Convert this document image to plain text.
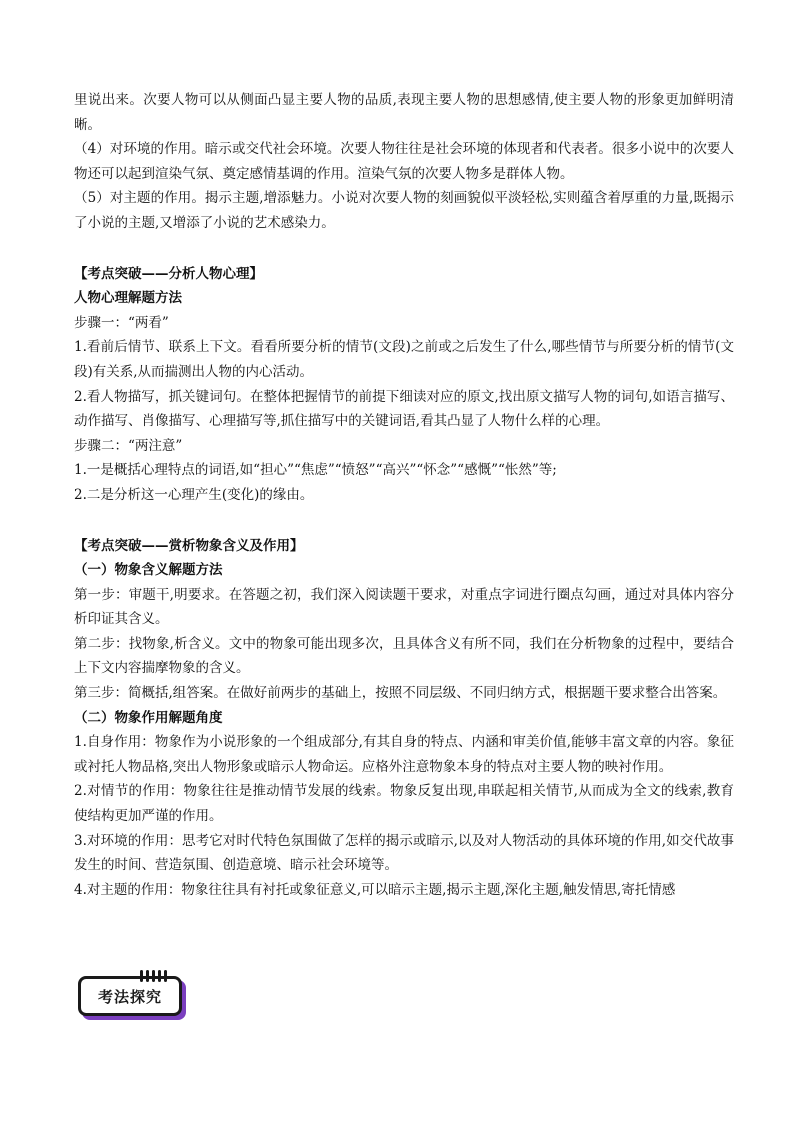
里说出来。次要人物可以从侧面凸显主要人物的品质,表现主要人物的思想感情,使主要人物的形象更加鲜明清晰。

（4）对环境的作用。暗示或交代社会环境。次要人物往往是社会环境的体现者和代表者。很多小说中的次要人物还可以起到渲染气氛、奠定感情基调的作用。渲染气氛的次要人物多是群体人物。

（5）对主题的作用。揭示主题,增添魅力。小说对次要人物的刻画貌似平淡轻松,实则蕴含着厚重的力量,既揭示了小说的主题,又增添了小说的艺术感染力。

【考点突破——分析人物心理】

人物心理解题方法

步骤一：“两看”

1.看前后情节、联系上下文。看看所要分析的情节(文段)之前或之后发生了什么,哪些情节与所要分析的情节(文段)有关系,从而揣测出人物的内心活动。

2.看人物描写，抓关键词句。在整体把握情节的前提下细读对应的原文,找出原文描写人物的词句,如语言描写、动作描写、肖像描写、心理描写等,抓住描写中的关键词语,看其凸显了人物什么样的心理。

步骤二：“两注意”

1.一是概括心理特点的词语,如“担心”“焦虑”“愤怒”“高兴”“怀念”“感慨”“怅然”等;

2.二是分析这一心理产生(变化)的缘由。

【考点突破——赏析物象含义及作用】

（一）物象含义解题方法

第一步：审题干,明要求。在答题之初，我们深入阅读题干要求，对重点字词进行圈点勾画，通过对具体内容分析印证其含义。

第二步：找物象,析含义。文中的物象可能出现多次，且具体含义有所不同，我们在分析物象的过程中，要结合上下文内容揣摩物象的含义。

第三步：简概括,组答案。在做好前两步的基础上，按照不同层级、不同归纳方式，根据题干要求整合出答案。

（二）物象作用解题角度

1.自身作用：物象作为小说形象的一个组成部分,有其自身的特点、内涵和审美价值,能够丰富文章的内容。象征或衬托人物品格,突出人物形象或暗示人物命运。应格外注意物象本身的特点对主要人物的映衬作用。

2.对情节的作用：物象往往是推动情节发展的线索。物象反复出现,串联起相关情节,从而成为全文的线索,教育使结构更加严谨的作用。

3.对环境的作用：思考它对时代特色氛围做了怎样的揭示或暗示,以及对人物活动的具体环境的作用,如交代故事发生的时间、营造氛围、创造意境、暗示社会环境等。

4.对主题的作用：物象往往具有衬托或象征意义,可以暗示主题,揭示主题,深化主题,触发情思,寄托情感

考法探究
